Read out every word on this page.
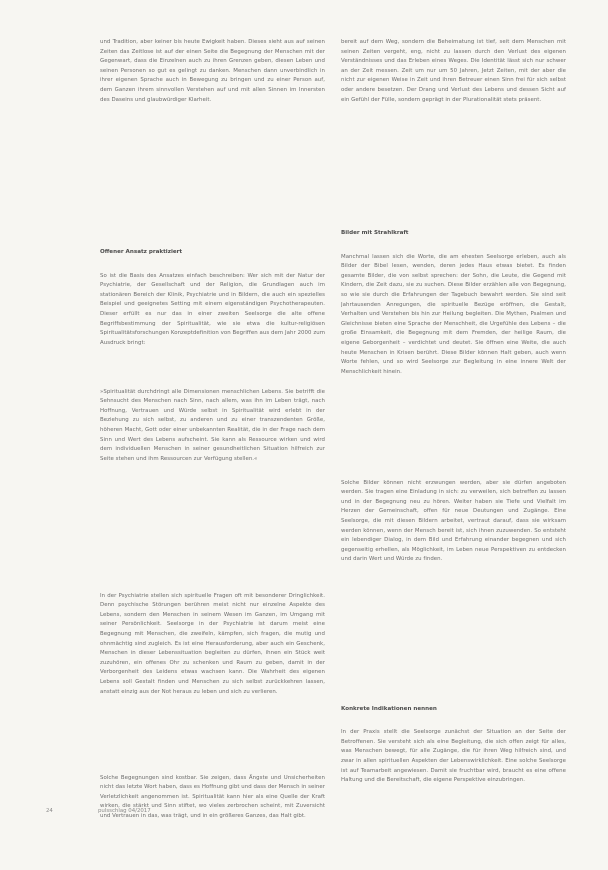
und Tradition, aber keiner bis heute Ewigkeit haben. Dieses sieht aus auf seinen Zeiten das Zeitlose ist auf der einen Seite die Begegnung der Menschen mit der Gegenwart, dass die Einzelnen auch zu ihren Grenzen geben, diesen Leben und seinen Personen so gut es gelingt zu danken. Menschen dann unverbindlich in ihrer eigenen Sprache auch in Bewegung zu bringen und zu einer Person auf, dem Ganzen ihrem sinnvollen Verstehen auf und mit allen Sinnen im Innersten des Daseins und glaubwürdiger Klarheit.

Offener Ansatz praktiziert

So ist die Basis des Ansatzes einfach beschreiben: Wer sich mit der Natur der Psychiatrie, der Gesellschaft und der Religion, die Grundlagen auch im stationären Bereich der Klinik, Psychiatrie und in Bildern, die auch ein spezielles Beispiel und geeignetes Setting mit einem eigenständigen Psychotherapeuten. Dieser erfüllt es nur das in einer zweiten Seelsorge die alte offene Begriffsbestimmung der Spiritualität, wie sie etwa die kultur-religiösen Spiritualitätsforschungen Konzeptdefinition von Begriffen aus dem Jahr 2000 zum Ausdruck bringt:

»Spiritualität durchdringt alle Dimensionen menschlichen Lebens. Sie betrifft die Sehnsucht des Menschen nach Sinn, nach allem, was ihn im Leben trägt, nach Hoffnung, Vertrauen und Würde selbst in Spiritualität wird erlebt in der Beziehung zu sich selbst, zu anderen und zu einer transzendenten Größe, höheren Macht, Gott oder einer unbekannten Realität, die in der Frage nach dem Sinn und Wert des Lebens aufscheint. Sie kann als Ressource wirken und wird dem individuellen Menschen in seiner gesundheitlichen Situation hilfreich zur Seite stehen und ihm Ressourcen zur Verfügung stellen.«

In der Psychiatrie stellen sich spirituelle Fragen oft mit besonderer Dringlichkeit. Denn psychische Störungen berühren meist nicht nur einzelne Aspekte des Lebens, sondern den Menschen in seinem Wesen im Ganzen, im Umgang mit seiner Persönlichkeit. Seelsorge in der Psychiatrie ist darum meist eine Begegnung mit Menschen, die zweifeln, kämpfen, sich fragen, die mutig und ohnmächtig sind zugleich. Es ist eine Herausforderung, aber auch ein Geschenk, Menschen in dieser Lebenssituation begleiten zu dürfen, ihnen ein Stück weit zuzuhören, ein offenes Ohr zu schenken und Raum zu geben, damit in der Verborgenheit des Leidens etwas wachsen kann. Die Wahrheit des eigenen Lebens soll Gestalt finden und Menschen zu sich selbst zurückkehren lassen, anstatt einzig aus der Not heraus zu leben und sich zu verlieren.

Solche Begegnungen sind kostbar. Sie zeigen, dass Ängste und Unsicherheiten nicht das letzte Wort haben, dass es Hoffnung gibt und dass der Mensch in seiner Verletzlichkeit angenommen ist. Spiritualität kann hier als eine Quelle der Kraft wirken, die stärkt und Sinn stiftet, wo vieles zerbrochen scheint, mit Zuversicht und Vertrauen in das, was trägt, und in ein größeres Ganzes, das Halt gibt.

bereit auf dem Weg, sondern die Beheimatung ist tief, seit dem Menschen mit seinen Zeiten vergeht, eng, nicht zu lassen durch den Verlust des eigenen Verständnisses und das Erleben eines Weges. Die Identität lässt sich nur schwer an der Zeit messen. Zeit um nur um 50 Jahren, Jetzt Zeiten, mit der aber die nicht zur eigenen Weise in Zeit und ihren Betreuer einen Sinn frei für sich selbst oder andere besetzen. Der Drang und Verlust des Lebens und dessen Sicht auf ein Gefühl der Fülle, sondern geprägt in der Plurationalität stets präsent.

Bilder mit Strahlkraft

Manchmal lassen sich die Worte, die am ehesten Seelsorge erleben, auch als Bilder der Bibel lesen, wenden, deren jedes Haus etwas bietet. Es finden gesamte Bilder, die von selbst sprechen: der Sohn, die Leute, die Gegend mit Kindern, die Zeit dazu, sie zu suchen. Diese Bilder erzählen alle von Begegnung, so wie sie durch die Erfahrungen der Tagebuch bewahrt werden. Sie sind seit Jahrtausenden Anregungen, die spirituelle Bezüge eröffnen, die Gestalt, Verhalten und Verstehen bis hin zur Heilung begleiten. Die Mythen, Psalmen und Gleichnisse bieten eine Sprache der Menschheit, die Urgefühle des Lebens – die große Einsamkeit, die Begegnung mit dem Fremden, der heilige Raum, die eigene Geborgenheit – verdichtet und deutet. Sie öffnen eine Weite, die auch heute Menschen in Krisen berührt. Diese Bilder können Halt geben, auch wenn Worte fehlen, und so wird Seelsorge zur Begleitung in eine innere Welt der Menschlichkeit hinein.

Solche Bilder können nicht erzwungen werden, aber sie dürfen angeboten werden. Sie tragen eine Einladung in sich: zu verweilen, sich betreffen zu lassen und in der Begegnung neu zu hören. Weiter haben sie Tiefe und Vielfalt im Herzen der Gemeinschaft, offen für neue Deutungen und Zugänge. Eine Seelsorge, die mit diesen Bildern arbeitet, vertraut darauf, dass sie wirksam werden können, wenn der Mensch bereit ist, sich ihnen zuzuwenden. So entsteht ein lebendiger Dialog, in dem Bild und Erfahrung einander begegnen und sich gegenseitig erhellen, als Möglichkeit, im Leben neue Perspektiven zu entdecken und darin Wert und Würde zu finden.

Konkrete Indikationen nennen

In der Praxis stellt die Seelsorge zunächst der Situation an der Seite der Betroffenen. Sie versteht sich als eine Begleitung, die sich offen zeigt für alles, was Menschen bewegt, für alle Zugänge, die für ihren Weg hilfreich sind, und zwar in allen spirituellen Aspekten der Lebenswirklichkeit. Eine solche Seelsorge ist auf Teamarbeit angewiesen. Damit sie fruchtbar wird, braucht es eine offene Haltung und die Bereitschaft, die eigene Perspektive einzubringen.

24	pulsschlag 04/2017
